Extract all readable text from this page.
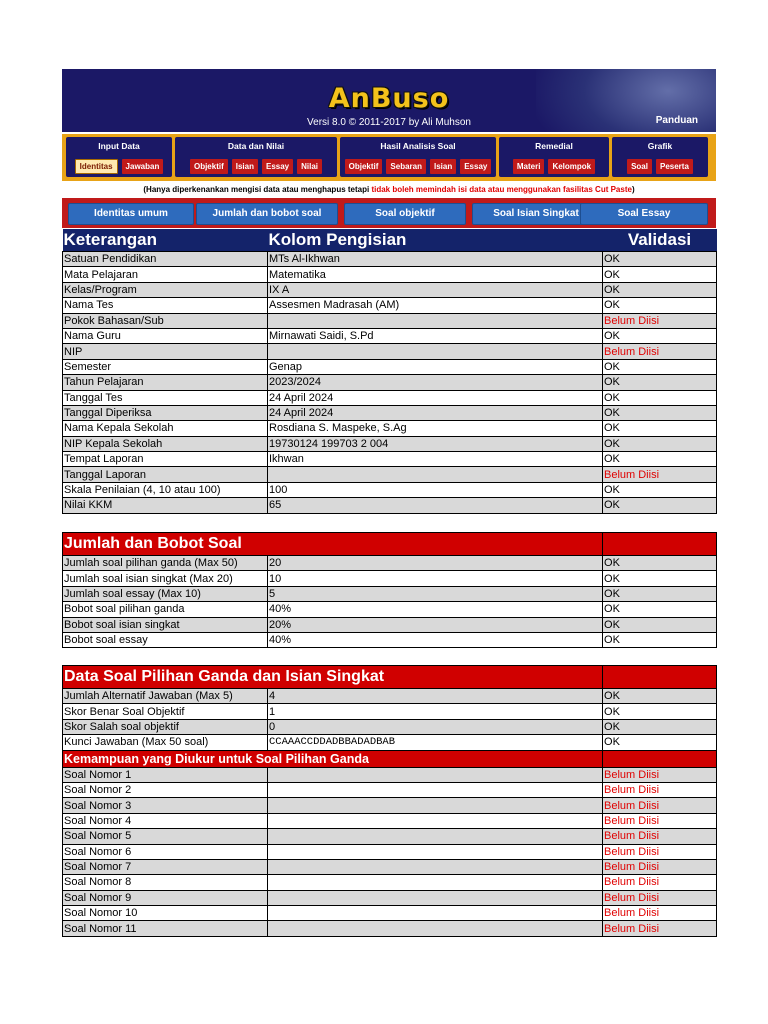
AnBuso
Versi 8.0 © 2011-2017 by Ali Muhson	Panduan
Input Data
Identitas	Jawaban
Data dan Nilai
Objektif	Isian	Essay	Nilai
Hasil Analisis Soal
Objektif	Sebaran	Isian	Essay
Remedial
Materi	Kelompok
Grafik
Soal	Peserta
(Hanya diperkenankan mengisi data atau menghapus tetapi tidak boleh memindah isi data atau menggunakan fasilitas Cut Paste)
Identitas umum	Jumlah dan bobot soal	Soal objektif	Soal Isian Singkat	Soal Essay
Keterangan	Kolom Pengisian	Validasi
Satuan Pendidikan	MTs Al-Ikhwan	OK
Mata Pelajaran	Matematika	OK
Kelas/Program	IX A	OK
Nama Tes	Assesmen Madrasah (AM)	OK
Pokok Bahasan/Sub		Belum Diisi
Nama Guru	Mirnawati Saidi, S.Pd	OK
NIP		Belum Diisi
Semester	Genap	OK
Tahun Pelajaran	2023/2024	OK
Tanggal Tes	24 April 2024	OK
Tanggal Diperiksa	24 April 2024	OK
Nama Kepala Sekolah	Rosdiana S. Maspeke, S.Ag	OK
NIP Kepala Sekolah	19730124 199703 2 004	OK
Tempat Laporan	Ikhwan	OK
Tanggal Laporan		Belum Diisi
Skala Penilaian (4, 10 atau 100)	100	OK
Nilai KKM	65	OK
Jumlah dan Bobot Soal		
Jumlah soal pilihan ganda (Max 50)	20	OK
Jumlah soal isian singkat (Max 20)	10	OK
Jumlah soal essay (Max 10)	5	OK
Bobot soal pilihan ganda	40%	OK
Bobot soal isian singkat	20%	OK
Bobot soal essay	40%	OK
Data Soal Pilihan Ganda dan Isian Singkat		
Jumlah Alternatif Jawaban (Max 5)	4	OK
Skor Benar Soal Objektif	1	OK
Skor Salah soal objektif	0	OK
Kunci Jawaban (Max 50 soal)	CCAAACCDDADBBADADBAB	OK
Kemampuan yang Diukur untuk Soal Pilihan Ganda		
Soal Nomor 1		Belum Diisi
Soal Nomor 2		Belum Diisi
Soal Nomor 3		Belum Diisi
Soal Nomor 4		Belum Diisi
Soal Nomor 5		Belum Diisi
Soal Nomor 6		Belum Diisi
Soal Nomor 7		Belum Diisi
Soal Nomor 8		Belum Diisi
Soal Nomor 9		Belum Diisi
Soal Nomor 10		Belum Diisi
Soal Nomor 11		Belum Diisi
